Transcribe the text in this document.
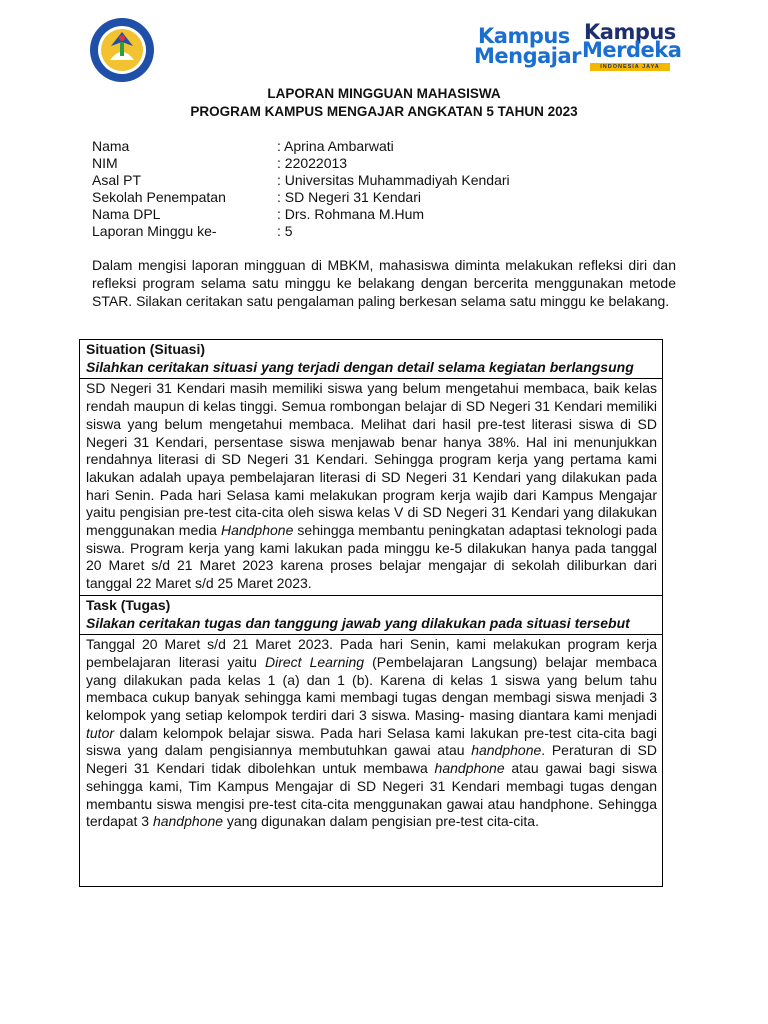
Kampus
Mengajar
Kampus
Merdeka
INDONESIA JAYA
LAPORAN MINGGUAN MAHASISWA
PROGRAM KAMPUS MENGAJAR ANGKATAN 5 TAHUN 2023
Nama	: Aprina Ambarwati
NIM	: 22022013
Asal PT	: Universitas Muhammadiyah Kendari
Sekolah Penempatan	: SD Negeri 31 Kendari
Nama DPL	: Drs. Rohmana M.Hum
Laporan Minggu ke-	: 5
Dalam mengisi laporan mingguan di MBKM, mahasiswa diminta melakukan refleksi diri dan refleksi program selama satu minggu ke belakang dengan bercerita menggunakan metode STAR. Silakan ceritakan satu pengalaman paling berkesan selama satu minggu ke belakang.
Situation (Situasi)
Silahkan ceritakan situasi yang terjadi dengan detail selama kegiatan berlangsung
SD Negeri 31 Kendari masih memiliki siswa yang belum mengetahui membaca, baik kelas rendah maupun di kelas tinggi. Semua rombongan belajar di SD Negeri 31 Kendari memiliki siswa yang belum mengetahui membaca. Melihat dari hasil pre-test literasi siswa di SD Negeri 31 Kendari, persentase siswa menjawab benar hanya 38%. Hal ini menunjukkan rendahnya literasi di SD Negeri 31 Kendari. Sehingga program kerja yang pertama kami lakukan adalah upaya pembelajaran literasi di SD Negeri 31 Kendari yang dilakukan pada hari Senin. Pada hari Selasa kami melakukan program kerja wajib dari Kampus Mengajar yaitu pengisian pre-test cita-cita oleh siswa kelas V di SD Negeri 31 Kendari yang dilakukan menggunakan media Handphone sehingga membantu peningkatan adaptasi teknologi pada siswa. Program kerja yang kami lakukan pada minggu ke-5 dilakukan hanya pada tanggal 20 Maret s/d 21 Maret 2023 karena proses belajar mengajar di sekolah diliburkan dari tanggal 22 Maret s/d 25 Maret 2023.
Task (Tugas)
Silakan ceritakan tugas dan tanggung jawab yang dilakukan pada situasi tersebut
Tanggal 20 Maret s/d 21 Maret 2023. Pada hari Senin, kami melakukan program kerja pembelajaran literasi yaitu Direct Learning (Pembelajaran Langsung) belajar membaca yang dilakukan pada kelas 1 (a) dan 1 (b). Karena di kelas 1 siswa yang belum tahu membaca cukup banyak sehingga kami membagi tugas dengan membagi siswa menjadi 3 kelompok yang setiap kelompok terdiri dari 3 siswa. Masing- masing diantara kami menjadi tutor dalam kelompok belajar siswa. Pada hari Selasa kami lakukan pre-test cita-cita bagi siswa yang dalam pengisiannya membutuhkan gawai atau handphone. Peraturan di SD Negeri 31 Kendari tidak dibolehkan untuk membawa handphone atau gawai bagi siswa sehingga kami, Tim Kampus Mengajar di SD Negeri 31 Kendari membagi tugas dengan membantu siswa mengisi pre-test cita-cita menggunakan gawai atau handphone. Sehingga terdapat 3 handphone yang digunakan dalam pengisian pre-test cita-cita.
